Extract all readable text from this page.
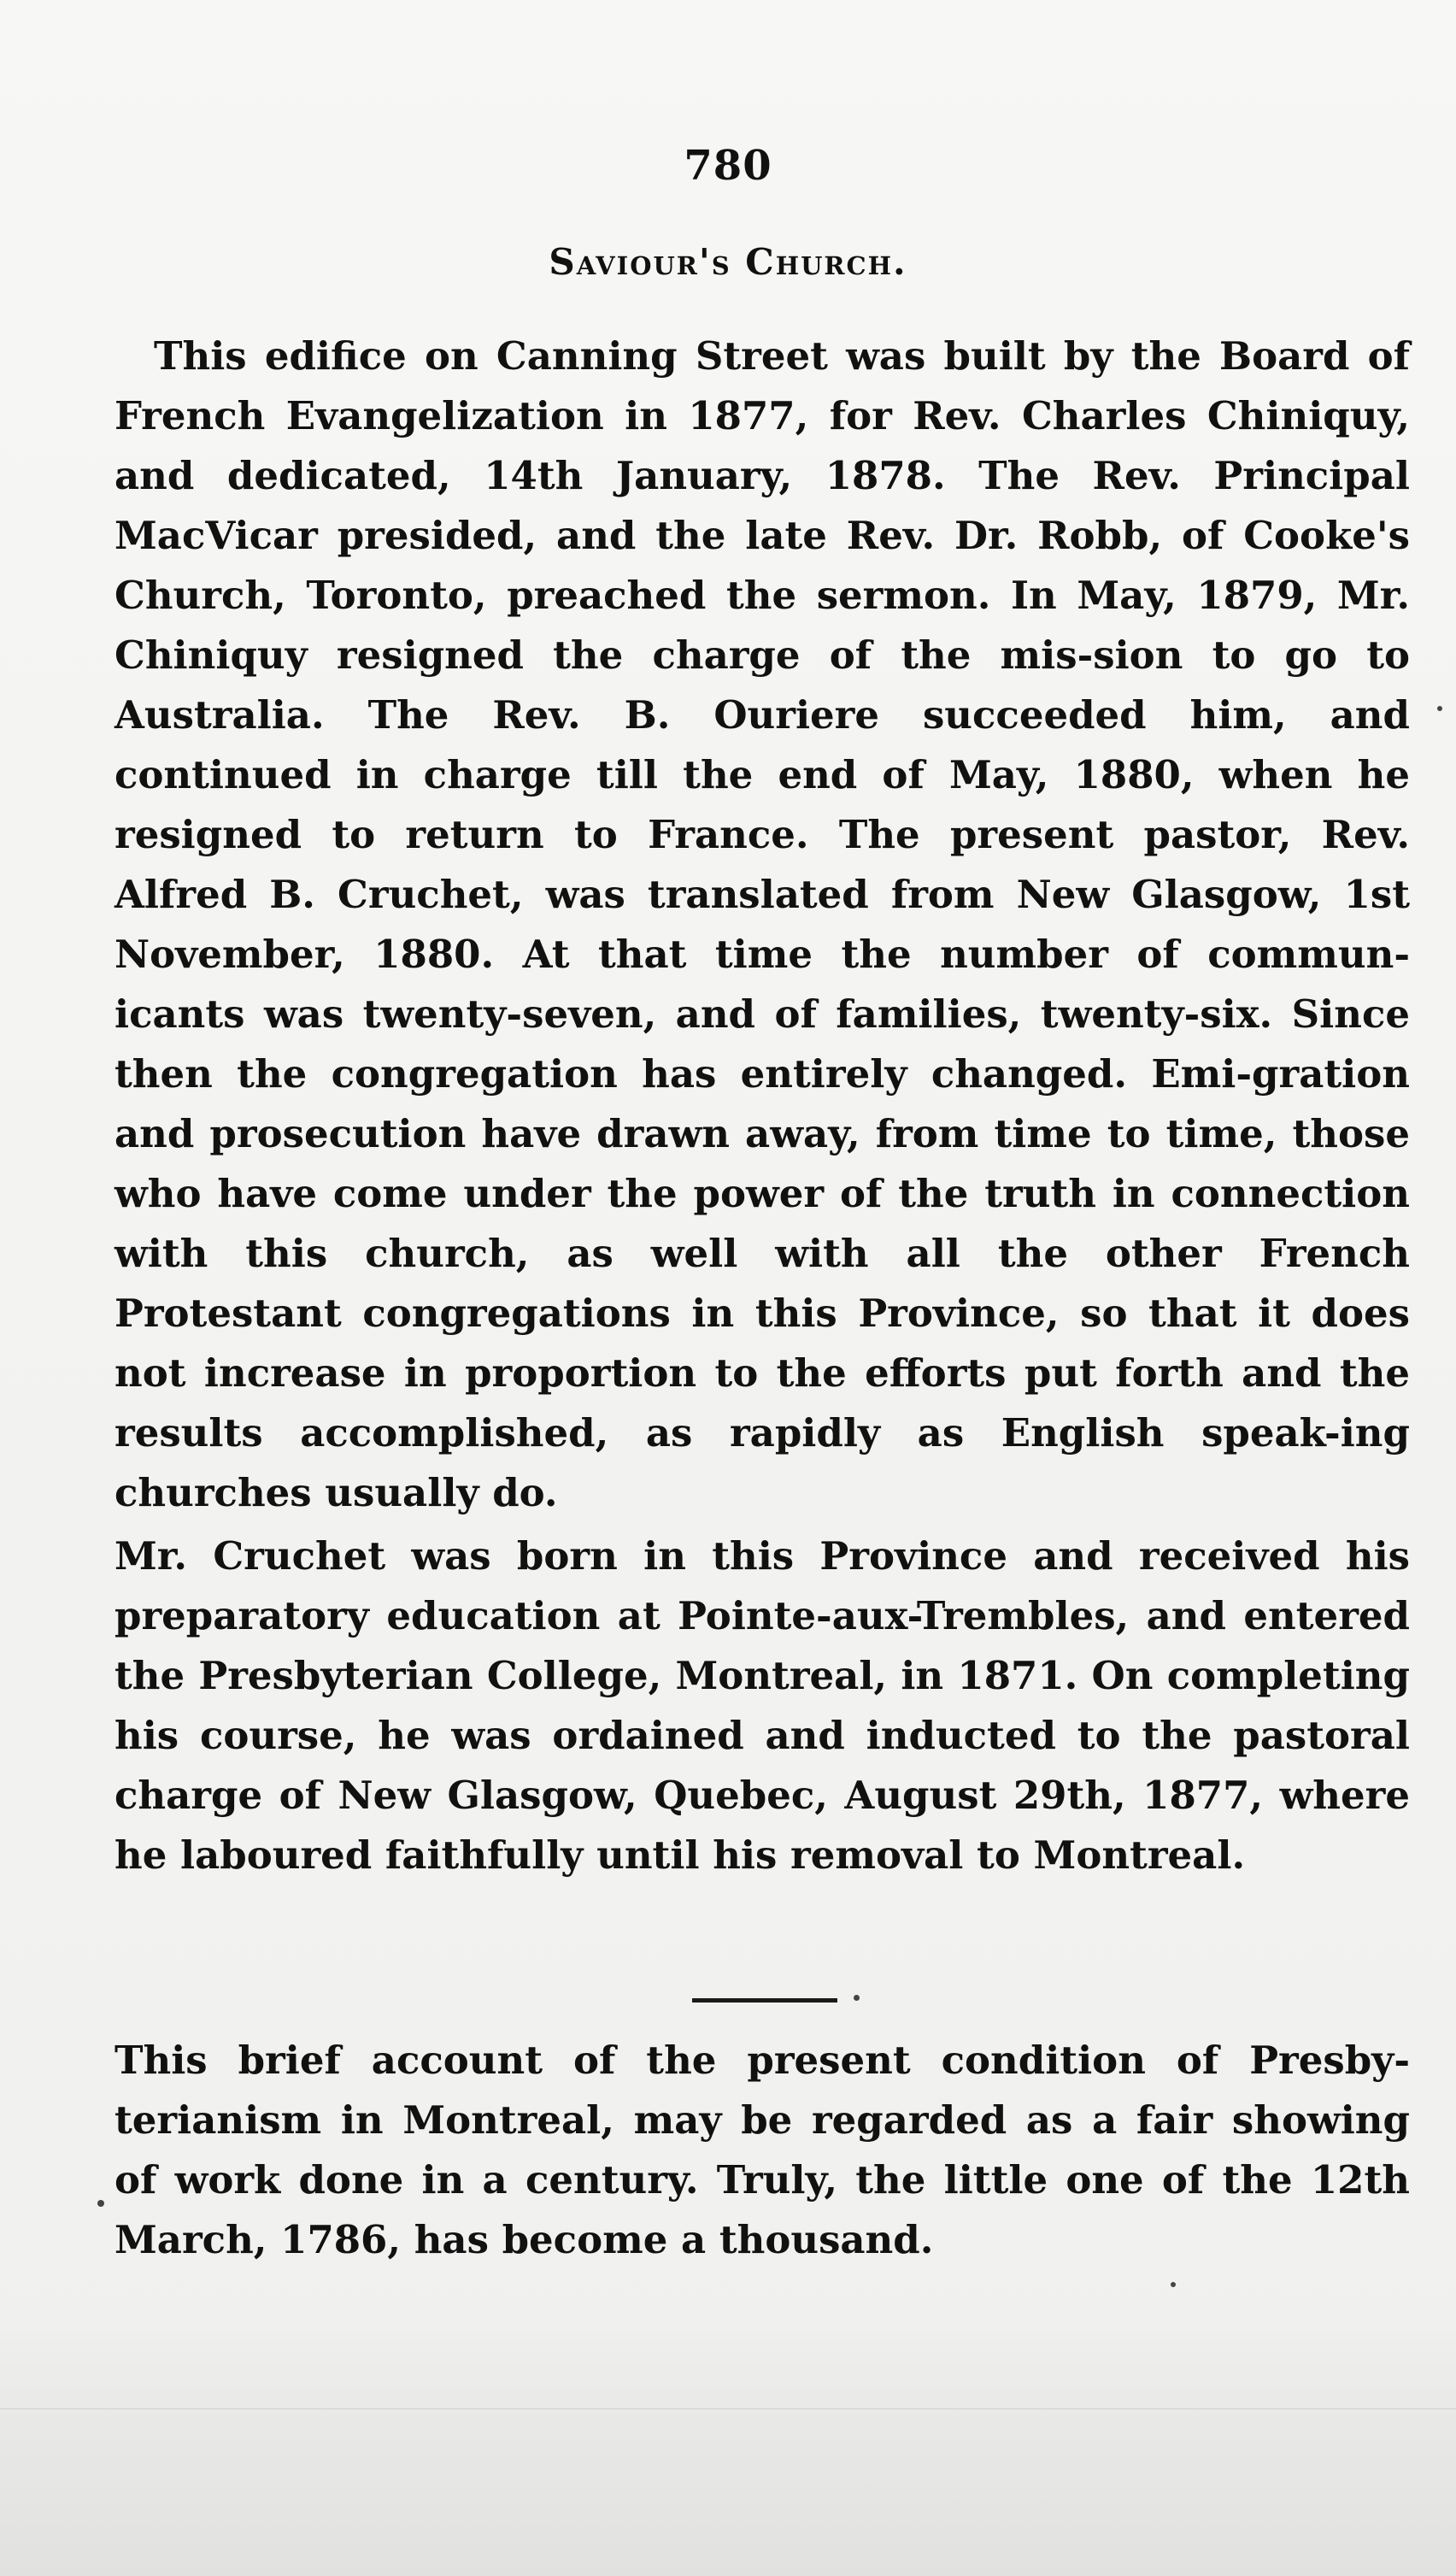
780
Saviour's Church.

This edifice on Canning Street was built by the Board of French Evangelization in 1877, for Rev. Charles Chiniquy, and dedicated, 14th January, 1878. The Rev. Principal MacVicar presided, and the late Rev. Dr. Robb, of Cooke's Church, Toronto, preached the sermon. In May, 1879, Mr. Chiniquy resigned the charge of the mis-sion to go to Australia. The Rev. B. Ouriere succeeded him, and continued in charge till the end of May, 1880, when he resigned to return to France. The present pastor, Rev. Alfred B. Cruchet, was translated from New Glasgow, 1st November, 1880. At that time the number of commun-icants was twenty-seven, and of families, twenty-six. Since then the congregation has entirely changed. Emi-gration and prosecution have drawn away, from time to time, those who have come under the power of the truth in connection with this church, as well with all the other French Protestant congregations in this Province, so that it does not increase in proportion to the efforts put forth and the results accomplished, as rapidly as English speak-ing churches usually do.

Mr. Cruchet was born in this Province and received his preparatory education at Pointe-aux-Trembles, and entered the Presbyterian College, Montreal, in 1871. On completing his course, he was ordained and inducted to the pastoral charge of New Glasgow, Quebec, August 29th, 1877, where he laboured faithfully until his removal to Montreal.

This brief account of the present condition of Presby-terianism in Montreal, may be regarded as a fair showing of work done in a century. Truly, the little one of the 12th March, 1786, has become a thousand.
